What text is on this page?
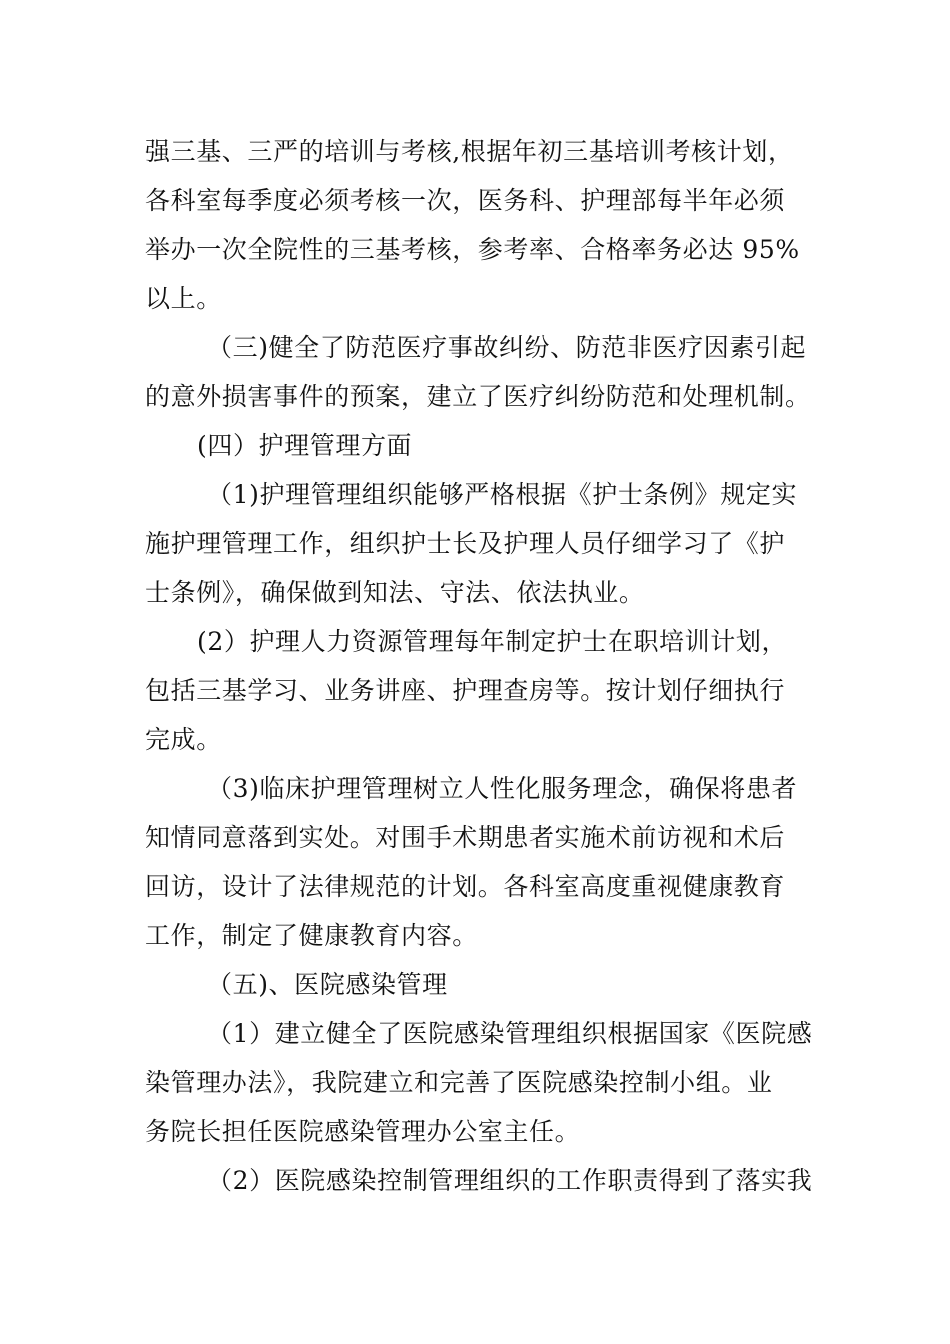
强三基、三严的培训与考核,根据年初三基培训考核计划，
各科室每季度必须考核一次，医务科、护理部每半年必须
举办一次全院性的三基考核，参考率、合格率务必达 95%
以上。
（三)健全了防范医疗事故纠纷、防范非医疗因素引起
的意外损害事件的预案，建立了医疗纠纷防范和处理机制。
(四）护理管理方面
（1)护理管理组织能够严格根据《护士条例》规定实
施护理管理工作，组织护士长及护理人员仔细学习了《护
士条例》，确保做到知法、守法、依法执业。
(2）护理人力资源管理每年制定护士在职培训计划，
包括三基学习、业务讲座、护理查房等。按计划仔细执行
完成。
（3)临床护理管理树立人性化服务理念，确保将患者
知情同意落到实处。对围手术期患者实施术前访视和术后
回访，设计了法律规范的计划。各科室高度重视健康教育
工作，制定了健康教育内容。
（五)、医院感染管理
（1）建立健全了医院感染管理组织根据国家《医院感
染管理办法》，我院建立和完善了医院感染控制小组。业
务院长担任医院感染管理办公室主任。
（2）医院感染控制管理组织的工作职责得到了落实我
